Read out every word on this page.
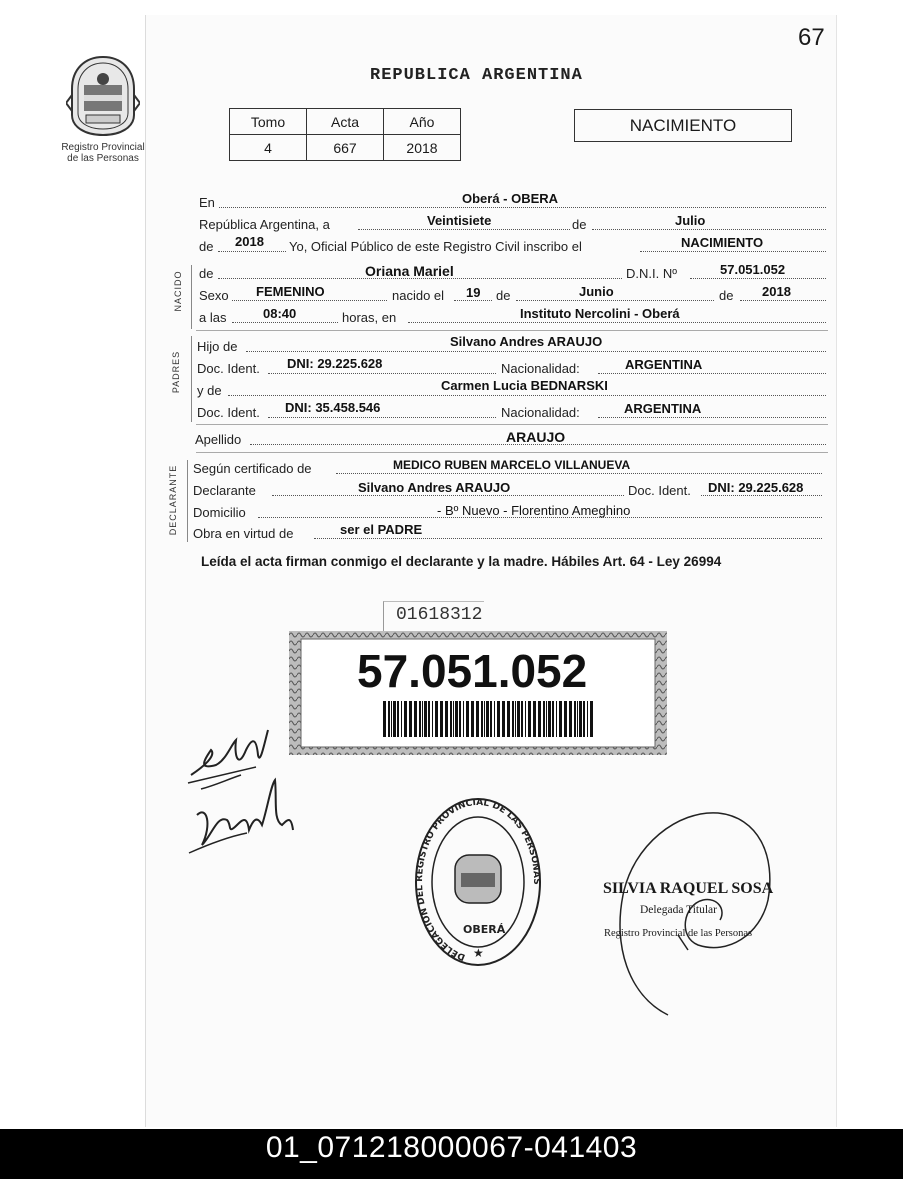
67
Registro Provincial
de las Personas
REPUBLICA ARGENTINA
Tomo	Acta	Año
4	667	2018
NACIMIENTO
En	Oberá - OBERA
República Argentina, a	Veintisiete	de	Julio
de 2018 Yo, Oficial Público de este Registro Civil inscribo el	NACIMIENTO
NACIDO de	Oriana Mariel	D.N.I. Nº	57.051.052
Sexo FEMENINO	nacido el 19 de	Junio	de 2018
a las	08:40	horas, en	Instituto Nercolini - Oberá
PADRES
Hijo de	Silvano Andres ARAUJO
Doc. Ident. DNI: 29.225.628	Nacionalidad:	ARGENTINA
y de	Carmen Lucia BEDNARSKI
Doc. Ident. DNI: 35.458.546	Nacionalidad:	ARGENTINA
Apellido	ARAUJO
DECLARANTE Según certificado de	MEDICO RUBEN MARCELO VILLANUEVA
Declarante	Silvano Andres ARAUJO	Doc. Ident. DNI: 29.225.628
Domicilio	- Bº Nuevo - Florentino Ameghino
Obra en virtud de	ser el PADRE
Leída el acta firman conmigo el declarante y la madre. Hábiles Art. 64 - Ley 26994
01618312
57.051.052
DELEGACION DEL REGISTRO PROVINCIAL DE LAS PERSONAS
OBERÁ
★
SILVIA RAQUEL SOSA
Delegada Titular
Registro Provincial de las Personas
01_071218000067-041403
